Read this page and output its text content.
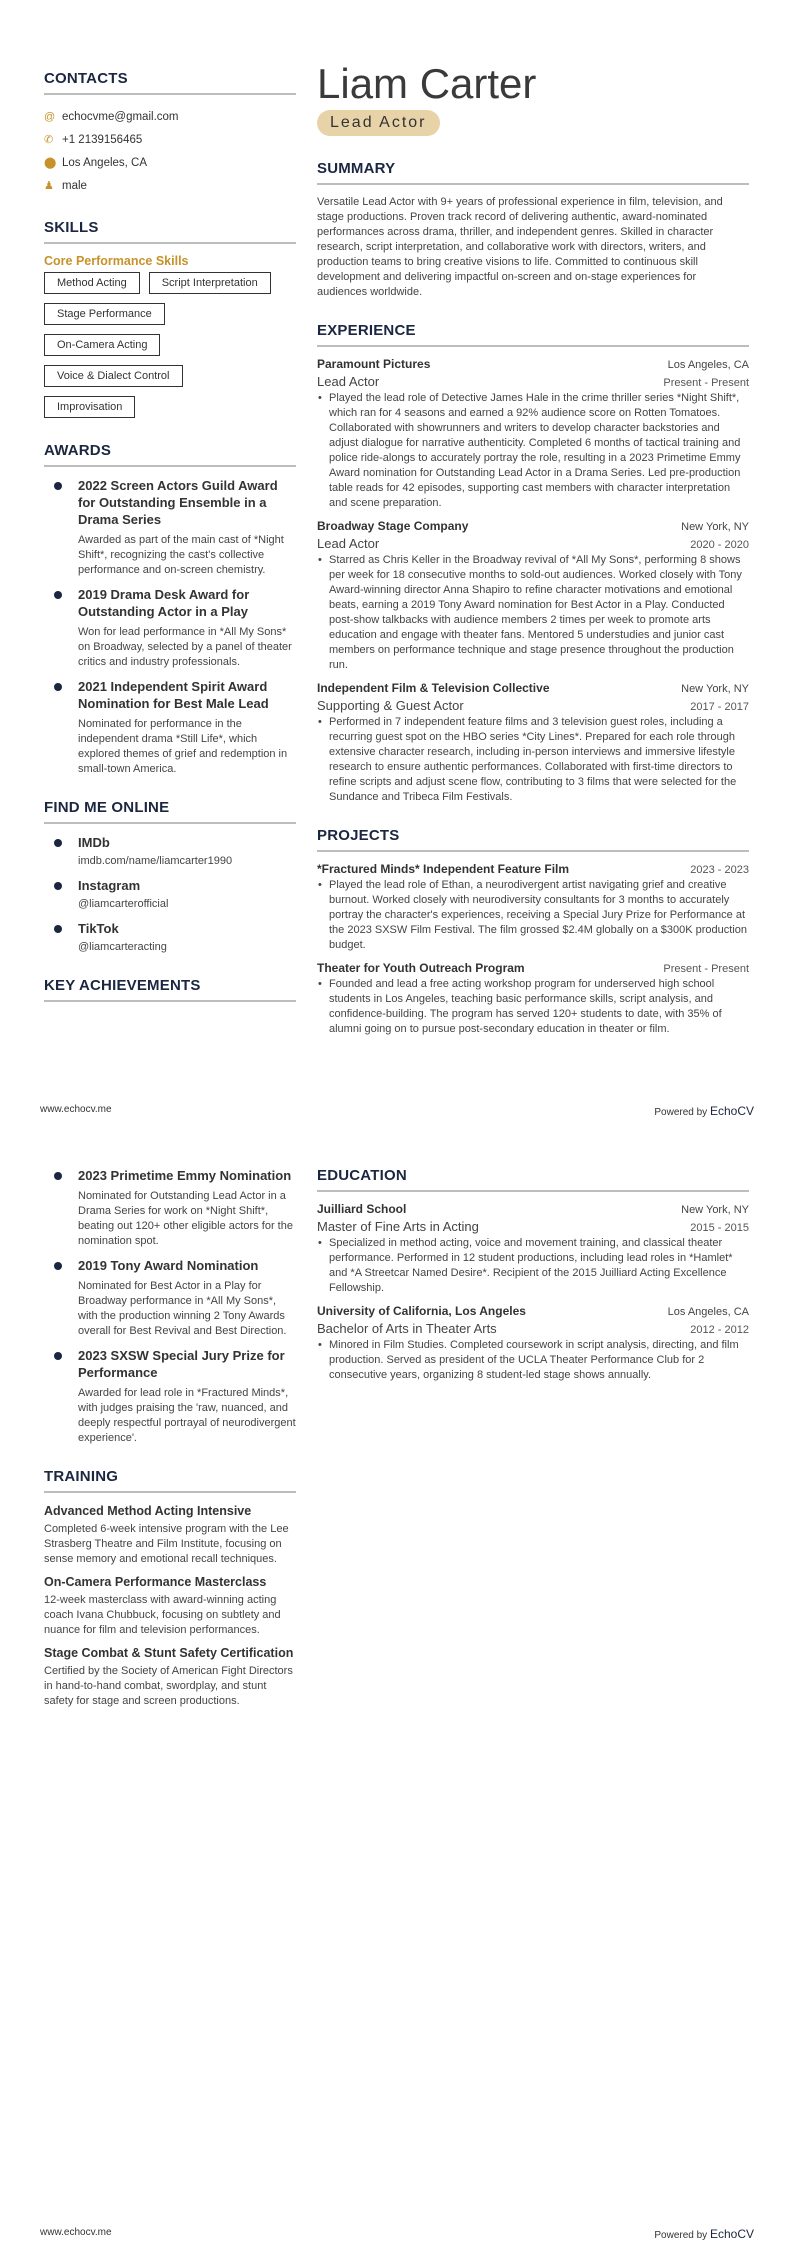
CONTACTS
@ echocvme@gmail.com
✆ +1 2139156465
⬤ Los Angeles, CA
♟ male
SKILLS
Core Performance Skills
Method Acting	Script Interpretation
Stage Performance
On-Camera Acting
Voice & Dialect Control
Improvisation
AWARDS
2022 Screen Actors Guild Award for Outstanding Ensemble in a Drama Series
Awarded as part of the main cast of *Night Shift*, recognizing the cast's collective performance and on-screen chemistry.
2019 Drama Desk Award for Outstanding Actor in a Play
Won for lead performance in *All My Sons* on Broadway, selected by a panel of theater critics and industry professionals.
2021 Independent Spirit Award Nomination for Best Male Lead
Nominated for performance in the independent drama *Still Life*, which explored themes of grief and redemption in small-town America.
FIND ME ONLINE
IMDb
imdb.com/name/liamcarter1990
Instagram
@liamcarterofficial
TikTok
@liamcarteracting
KEY ACHIEVEMENTS
Liam Carter
Lead Actor
SUMMARY
Versatile Lead Actor with 9+ years of professional experience in film, television, and stage productions. Proven track record of delivering authentic, award-nominated performances across drama, thriller, and independent genres. Skilled in character research, script interpretation, and collaborative work with directors, writers, and production teams to bring creative visions to life. Committed to continuous skill development and delivering impactful on-screen and on-stage experiences for audiences worldwide.
EXPERIENCE
Paramount Pictures	Los Angeles, CA
Lead Actor	Present - Present
• Played the lead role of Detective James Hale in the crime thriller series *Night Shift*, which ran for 4 seasons and earned a 92% audience score on Rotten Tomatoes. Collaborated with showrunners and writers to develop character backstories and adjust dialogue for narrative authenticity. Completed 6 months of tactical training and police ride-alongs to accurately portray the role, resulting in a 2023 Primetime Emmy Award nomination for Outstanding Lead Actor in a Drama Series. Led pre-production table reads for 42 episodes, supporting cast members with character interpretation and scene preparation.
Broadway Stage Company	New York, NY
Lead Actor	2020 - 2020
• Starred as Chris Keller in the Broadway revival of *All My Sons*, performing 8 shows per week for 18 consecutive months to sold-out audiences. Worked closely with Tony Award-winning director Anna Shapiro to refine character motivations and emotional beats, earning a 2019 Tony Award nomination for Best Actor in a Play. Conducted post-show talkbacks with audience members 2 times per week to promote arts education and engage with theater fans. Mentored 5 understudies and junior cast members on performance technique and stage presence throughout the production run.
Independent Film & Television Collective	New York, NY
Supporting & Guest Actor	2017 - 2017
• Performed in 7 independent feature films and 3 television guest roles, including a recurring guest spot on the HBO series *City Lines*. Prepared for each role through extensive character research, including in-person interviews and immersive lifestyle research to ensure authentic performances. Collaborated with first-time directors to refine scripts and adjust scene flow, contributing to 3 films that were selected for the Sundance and Tribeca Film Festivals.
PROJECTS
*Fractured Minds* Independent Feature Film	2023 - 2023
• Played the lead role of Ethan, a neurodivergent artist navigating grief and creative burnout. Worked closely with neurodiversity consultants for 3 months to accurately portray the character's experiences, receiving a Special Jury Prize for Performance at the 2023 SXSW Film Festival. The film grossed $2.4M globally on a $300K production budget.
Theater for Youth Outreach Program	Present - Present
• Founded and lead a free acting workshop program for underserved high school students in Los Angeles, teaching basic performance skills, script analysis, and confidence-building. The program has served 120+ students to date, with 35% of alumni going on to pursue post-secondary education in theater or film.
www.echocv.me	Powered by EchoCV
2023 Primetime Emmy Nomination
Nominated for Outstanding Lead Actor in a Drama Series for work on *Night Shift*, beating out 120+ other eligible actors for the nomination spot.
2019 Tony Award Nomination
Nominated for Best Actor in a Play for Broadway performance in *All My Sons*, with the production winning 2 Tony Awards overall for Best Revival and Best Direction.
2023 SXSW Special Jury Prize for Performance
Awarded for lead role in *Fractured Minds*, with judges praising the 'raw, nuanced, and deeply respectful portrayal of neurodivergent experience'.
TRAINING
Advanced Method Acting Intensive
Completed 6-week intensive program with the Lee Strasberg Theatre and Film Institute, focusing on sense memory and emotional recall techniques.
On-Camera Performance Masterclass
12-week masterclass with award-winning acting coach Ivana Chubbuck, focusing on subtlety and nuance for film and television performances.
Stage Combat & Stunt Safety Certification
Certified by the Society of American Fight Directors in hand-to-hand combat, swordplay, and stunt safety for stage and screen productions.
EDUCATION
Juilliard School	New York, NY
Master of Fine Arts in Acting	2015 - 2015
• Specialized in method acting, voice and movement training, and classical theater performance. Performed in 12 student productions, including lead roles in *Hamlet* and *A Streetcar Named Desire*. Recipient of the 2015 Juilliard Acting Excellence Fellowship.
University of California, Los Angeles	Los Angeles, CA
Bachelor of Arts in Theater Arts	2012 - 2012
• Minored in Film Studies. Completed coursework in script analysis, directing, and film production. Served as president of the UCLA Theater Performance Club for 2 consecutive years, organizing 8 student-led stage shows annually.
www.echocv.me	Powered by EchoCV
